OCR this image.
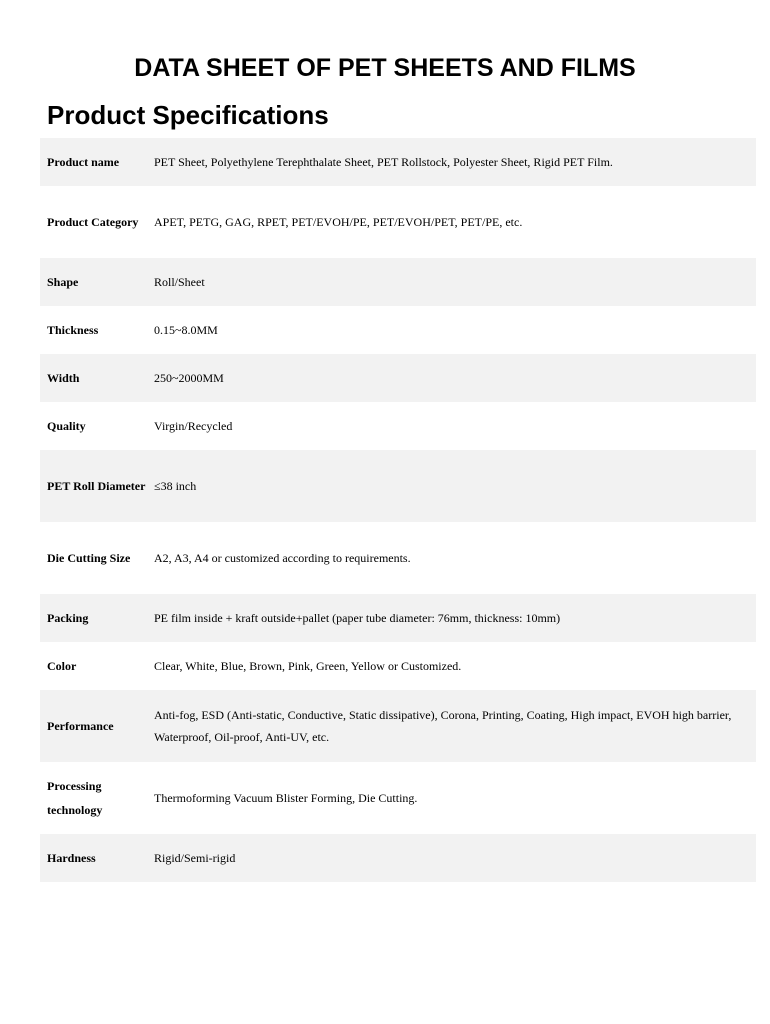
DATA SHEET OF PET SHEETS AND FILMS
Product Specifications
Product name	PET Sheet, Polyethylene Terephthalate Sheet, PET Rollstock, Polyester Sheet, Rigid PET Film.
Product Category	APET, PETG, GAG, RPET, PET/EVOH/PE, PET/EVOH/PET, PET/PE, etc.
Shape	Roll/Sheet
Thickness	0.15~8.0MM
Width	250~2000MM
Quality	Virgin/Recycled
PET Roll Diameter	≤38 inch
Die Cutting Size	A2, A3, A4 or customized according to requirements.
Packing	PE film inside + kraft outside+pallet (paper tube diameter: 76mm, thickness: 10mm)
Color	Clear, White, Blue, Brown, Pink, Green, Yellow or Customized.
Performance	Anti-fog, ESD (Anti-static, Conductive, Static dissipative), Corona, Printing, Coating, High impact, EVOH high barrier, Waterproof, Oil-proof, Anti-UV, etc.
Processing technology	Thermoforming Vacuum Blister Forming, Die Cutting.
Hardness	Rigid/Semi-rigid
